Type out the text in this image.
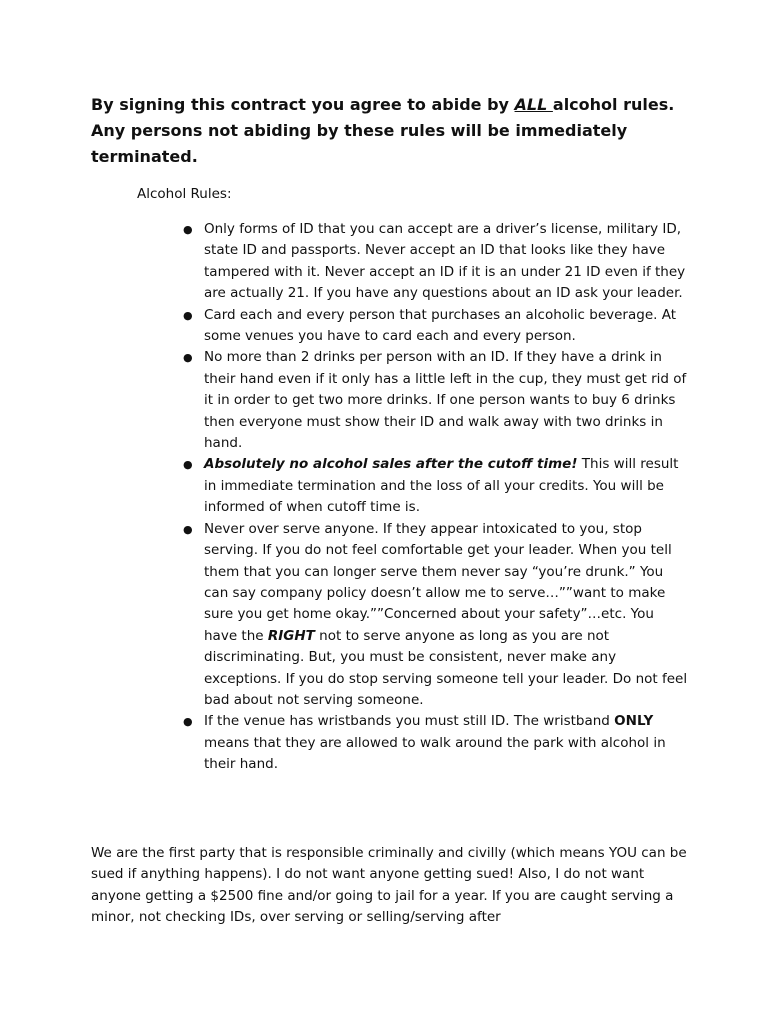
By signing this contract you agree to abide by ALL alcohol rules. Any persons not abiding by these rules will be immediately terminated.
Alcohol Rules:
● Only forms of ID that you can accept are a driver’s license, military ID, state ID and passports. Never accept an ID that looks like they have tampered with it. Never accept an ID if it is an under 21 ID even if they are actually 21. If you have any questions about an ID ask your leader.
● Card each and every person that purchases an alcoholic beverage. At some venues you have to card each and every person.
● No more than 2 drinks per person with an ID. If they have a drink in their hand even if it only has a little left in the cup, they must get rid of it in order to get two more drinks. If one person wants to buy 6 drinks then everyone must show their ID and walk away with two drinks in hand.
● Absolutely no alcohol sales after the cutoff time! This will result in immediate termination and the loss of all your credits. You will be informed of when cutoff time is.
● Never over serve anyone. If they appear intoxicated to you, stop serving. If you do not feel comfortable get your leader. When you tell them that you can longer serve them never say “you’re drunk.” You can say company policy doesn’t allow me to serve…””want to make sure you get home okay.””Concerned about your safety”…etc. You have the RIGHT not to serve anyone as long as you are not discriminating. But, you must be consistent, never make any exceptions. If you do stop serving someone tell your leader. Do not feel bad about not serving someone.
● If the venue has wristbands you must still ID. The wristband ONLY means that they are allowed to walk around the park with alcohol in their hand.
We are the first party that is responsible criminally and civilly (which means YOU can be sued if anything happens). I do not want anyone getting sued! Also, I do not want anyone getting a $2500 fine and/or going to jail for a year. If you are caught serving a minor, not checking IDs, over serving or selling/serving after
